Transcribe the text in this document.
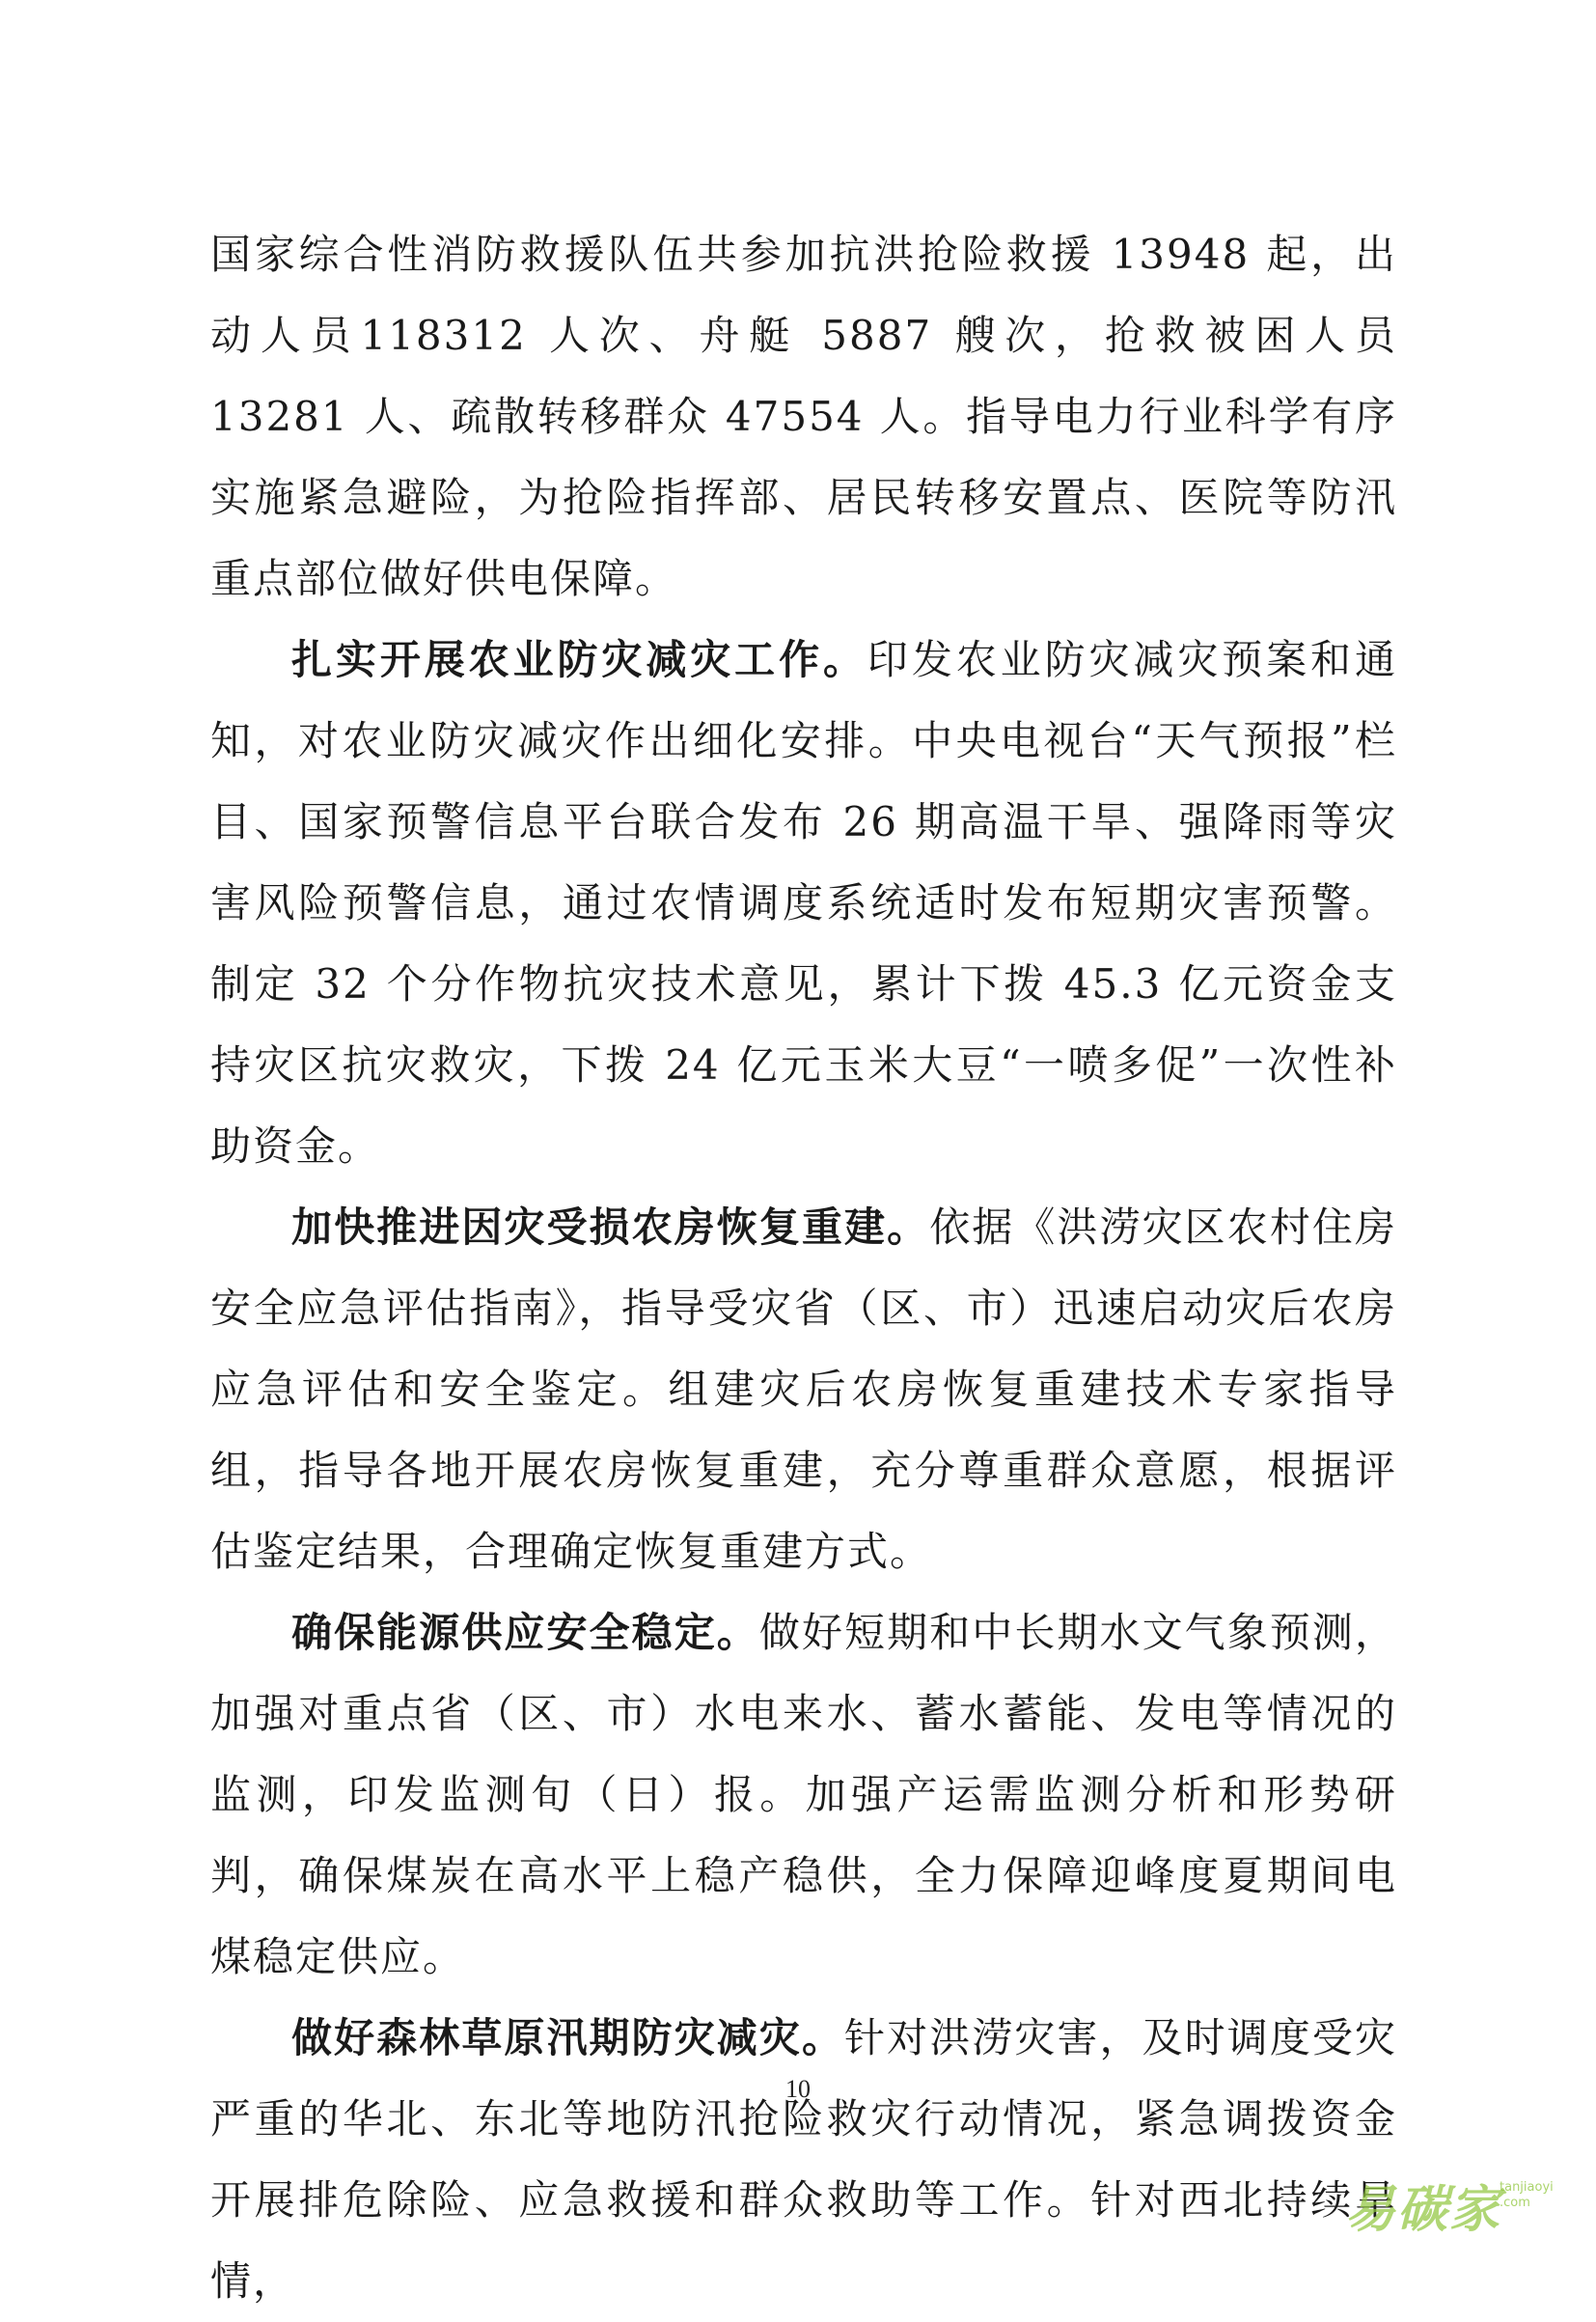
国家综合性消防救援队伍共参加抗洪抢险救援 13948 起，出动人员118312 人次、舟艇 5887 艘次，抢救被困人员 13281 人、疏散转移群众 47554 人。指导电力行业科学有序实施紧急避险，为抢险指挥部、居民转移安置点、医院等防汛重点部位做好供电保障。

扎实开展农业防灾减灾工作。印发农业防灾减灾预案和通知，对农业防灾减灾作出细化安排。中央电视台“天气预报”栏目、国家预警信息平台联合发布 26 期高温干旱、强降雨等灾害风险预警信息，通过农情调度系统适时发布短期灾害预警。制定 32 个分作物抗灾技术意见，累计下拨 45.3 亿元资金支持灾区抗灾救灾，下拨 24 亿元玉米大豆“一喷多促”一次性补助资金。

加快推进因灾受损农房恢复重建。依据《洪涝灾区农村住房安全应急评估指南》，指导受灾省（区、市）迅速启动灾后农房应急评估和安全鉴定。组建灾后农房恢复重建技术专家指导组，指导各地开展农房恢复重建，充分尊重群众意愿，根据评估鉴定结果，合理确定恢复重建方式。

确保能源供应安全稳定。做好短期和中长期水文气象预测，加强对重点省（区、市）水电来水、蓄水蓄能、发电等情况的监测，印发监测旬（日）报。加强产运需监测分析和形势研判，确保煤炭在高水平上稳产稳供，全力保障迎峰度夏期间电煤稳定供应。

做好森林草原汛期防灾减灾。针对洪涝灾害，及时调度受灾严重的华北、东北等地防汛抢险救灾行动情况，紧急调拨资金开展排危除险、应急救援和群众救助等工作。针对西北持续旱情，

10
易碳家
tanjiaoyi .com
